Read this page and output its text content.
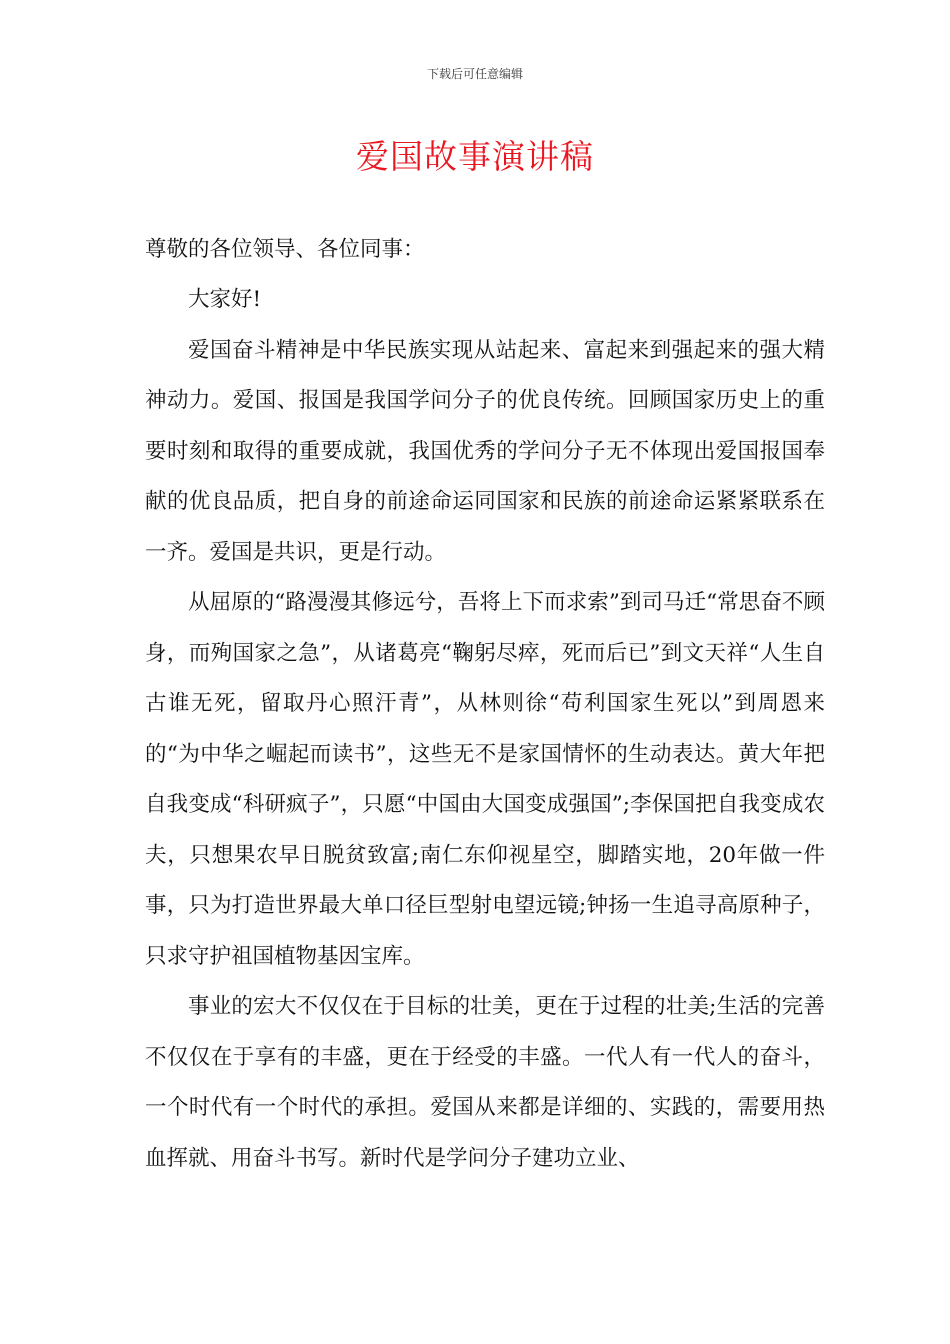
下载后可任意编辑
爱国故事演讲稿

尊敬的各位领导、各位同事：

大家好!

爱国奋斗精神是中华民族实现从站起来、富起来到强起来的强大精神动力。爱国、报国是我国学问分子的优良传统。回顾国家历史上的重要时刻和取得的重要成就，我国优秀的学问分子无不体现出爱国报国奉献的优良品质，把自身的前途命运同国家和民族的前途命运紧紧联系在一齐。爱国是共识，更是行动。

从屈原的“路漫漫其修远兮，吾将上下而求索”到司马迁“常思奋不顾身，而殉国家之急”，从诸葛亮“鞠躬尽瘁，死而后已”到文天祥“人生自古谁无死，留取丹心照汗青”，从林则徐“苟利国家生死以”到周恩来的“为中华之崛起而读书”，这些无不是家国情怀的生动表达。黄大年把自我变成“科研疯子”，只愿“中国由大国变成强国”;李保国把自我变成农夫，只想果农早日脱贫致富;南仁东仰视星空，脚踏实地，20年做一件事，只为打造世界最大单口径巨型射电望远镜;钟扬一生追寻高原种子，只求守护祖国植物基因宝库。

事业的宏大不仅仅在于目标的壮美，更在于过程的壮美;生活的完善不仅仅在于享有的丰盛，更在于经受的丰盛。一代人有一代人的奋斗，一个时代有一个时代的承担。爱国从来都是详细的、实践的，需要用热血挥就、用奋斗书写。新时代是学问分子建功立业、
